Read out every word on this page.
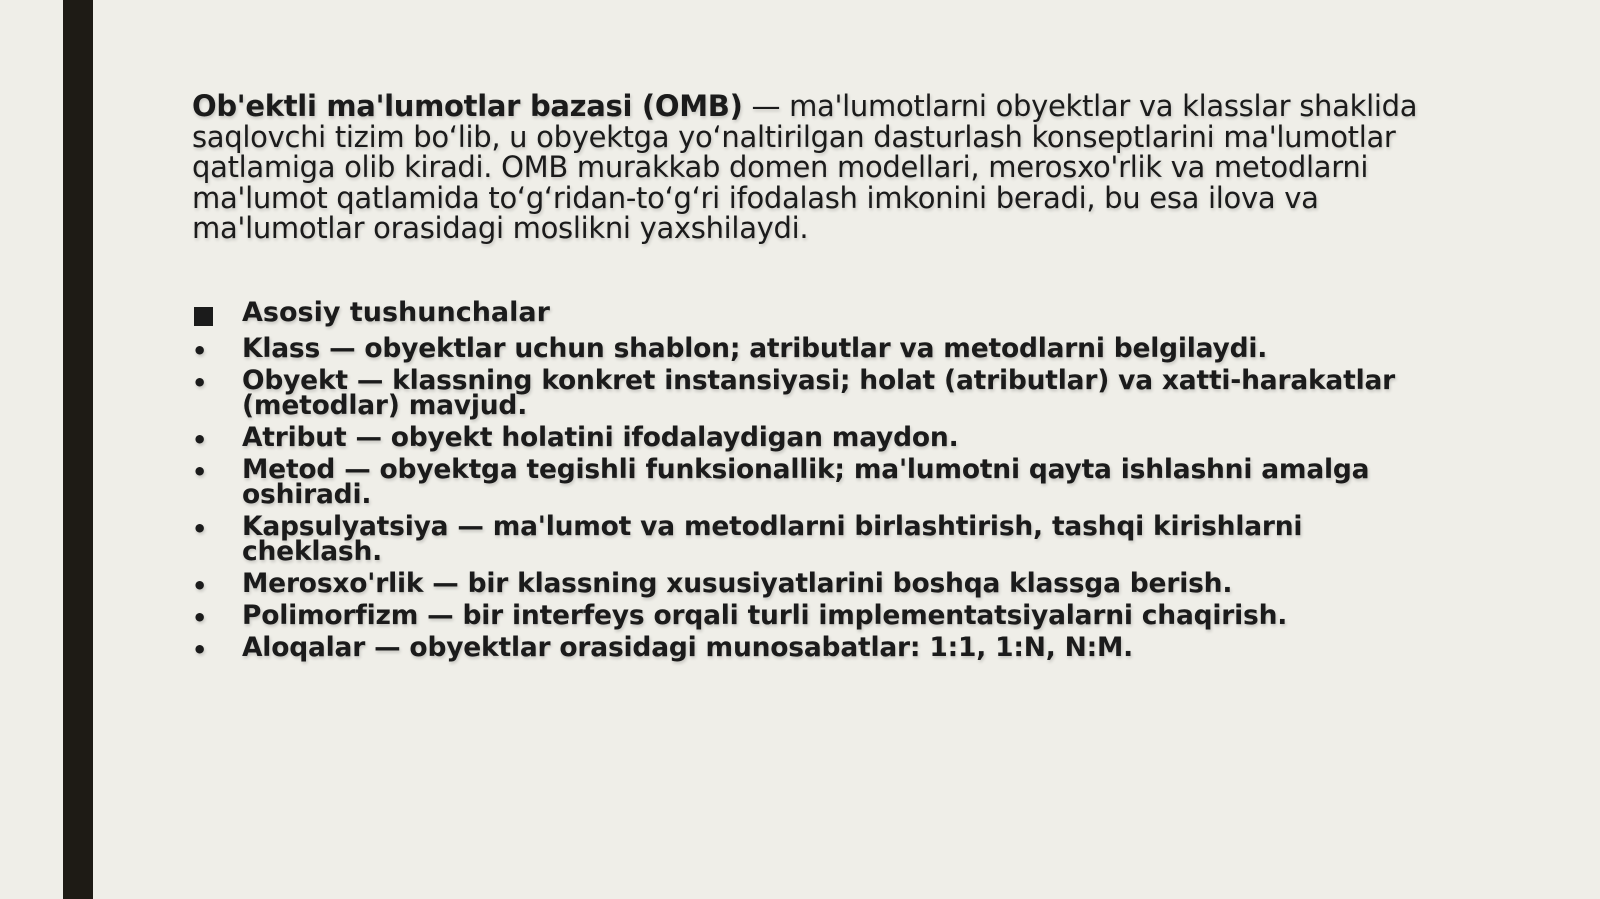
Ob'ektli ma'lumotlar bazasi (OMB) — ma'lumotlarni obyektlar va klasslar shaklida saqlovchi tizim bo‘lib, u obyektga yo‘naltirilgan dasturlash konseptlarini ma'lumotlar qatlamiga olib kiradi. OMB murakkab domen modellari, merosxo'rlik va metodlarni ma'lumot qatlamida to‘g‘ridan-to‘g‘ri ifodalash imkonini beradi, bu esa ilova va ma'lumotlar orasidagi moslikni yaxshilaydi.

Asosiy tushunchalar
• Klass — obyektlar uchun shablon; atributlar va metodlarni belgilaydi.
• Obyekt — klassning konkret instansiyasi; holat (atributlar) va xatti-harakatlar (metodlar) mavjud.
• Atribut — obyekt holatini ifodalaydigan maydon.
• Metod — obyektga tegishli funksionallik; ma'lumotni qayta ishlashni amalga oshiradi.
• Kapsulyatsiya — ma'lumot va metodlarni birlashtirish, tashqi kirishlarni cheklash.
• Merosxo'rlik — bir klassning xususiyatlarini boshqa klassga berish.
• Polimorfizm — bir interfeys orqali turli implementatsiyalarni chaqirish.
• Aloqalar — obyektlar orasidagi munosabatlar: 1:1, 1:N, N:M.
